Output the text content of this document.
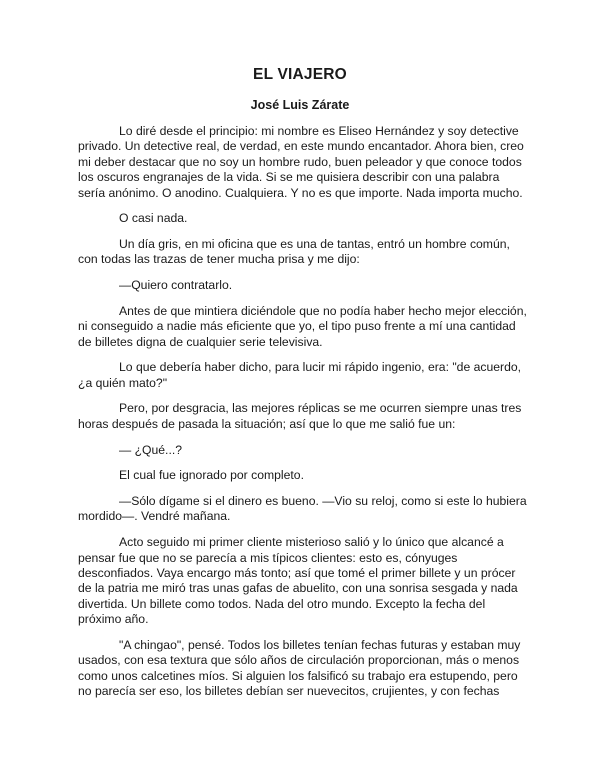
EL VIAJERO
José Luis Zárate

Lo diré desde el principio: mi nombre es Eliseo Hernández y soy detective privado. Un detective real, de verdad, en este mundo encantador. Ahora bien, creo mi deber destacar que no soy un hombre rudo, buen peleador y que conoce todos los oscuros engranajes de la vida. Si se me quisiera describir con una palabra sería anónimo. O anodino. Cualquiera. Y no es que importe. Nada importa mucho.

O casi nada.

Un día gris, en mi oficina que es una de tantas, entró un hombre común, con todas las trazas de tener mucha prisa y me dijo:

—Quiero contratarlo.

Antes de que mintiera diciéndole que no podía haber hecho mejor elección, ni conseguido a nadie más eficiente que yo, el tipo puso frente a mí una cantidad de billetes digna de cualquier serie televisiva.

Lo que debería haber dicho, para lucir mi rápido ingenio, era: "de acuerdo, ¿a quién mato?"

Pero, por desgracia, las mejores réplicas se me ocurren siempre unas tres horas después de pasada la situación; así que lo que me salió fue un:

— ¿Qué...?

El cual fue ignorado por completo.

—Sólo dígame si el dinero es bueno. —Vio su reloj, como si este lo hubiera mordido—. Vendré mañana.

Acto seguido mi primer cliente misterioso salió y lo único que alcancé a pensar fue que no se parecía a mis típicos clientes: esto es, cónyuges desconfiados. Vaya encargo más tonto; así que tomé el primer billete y un prócer de la patria me miró tras unas gafas de abuelito, con una sonrisa sesgada y nada divertida. Un billete como todos. Nada del otro mundo. Excepto la fecha del próximo año.

"A chingao", pensé. Todos los billetes tenían fechas futuras y estaban muy usados, con esa textura que sólo años de circulación proporcionan, más o menos como unos calcetines míos. Si alguien los falsificó su trabajo era estupendo, pero no parecía ser eso, los billetes debían ser nuevecitos, crujientes, y con fechas
